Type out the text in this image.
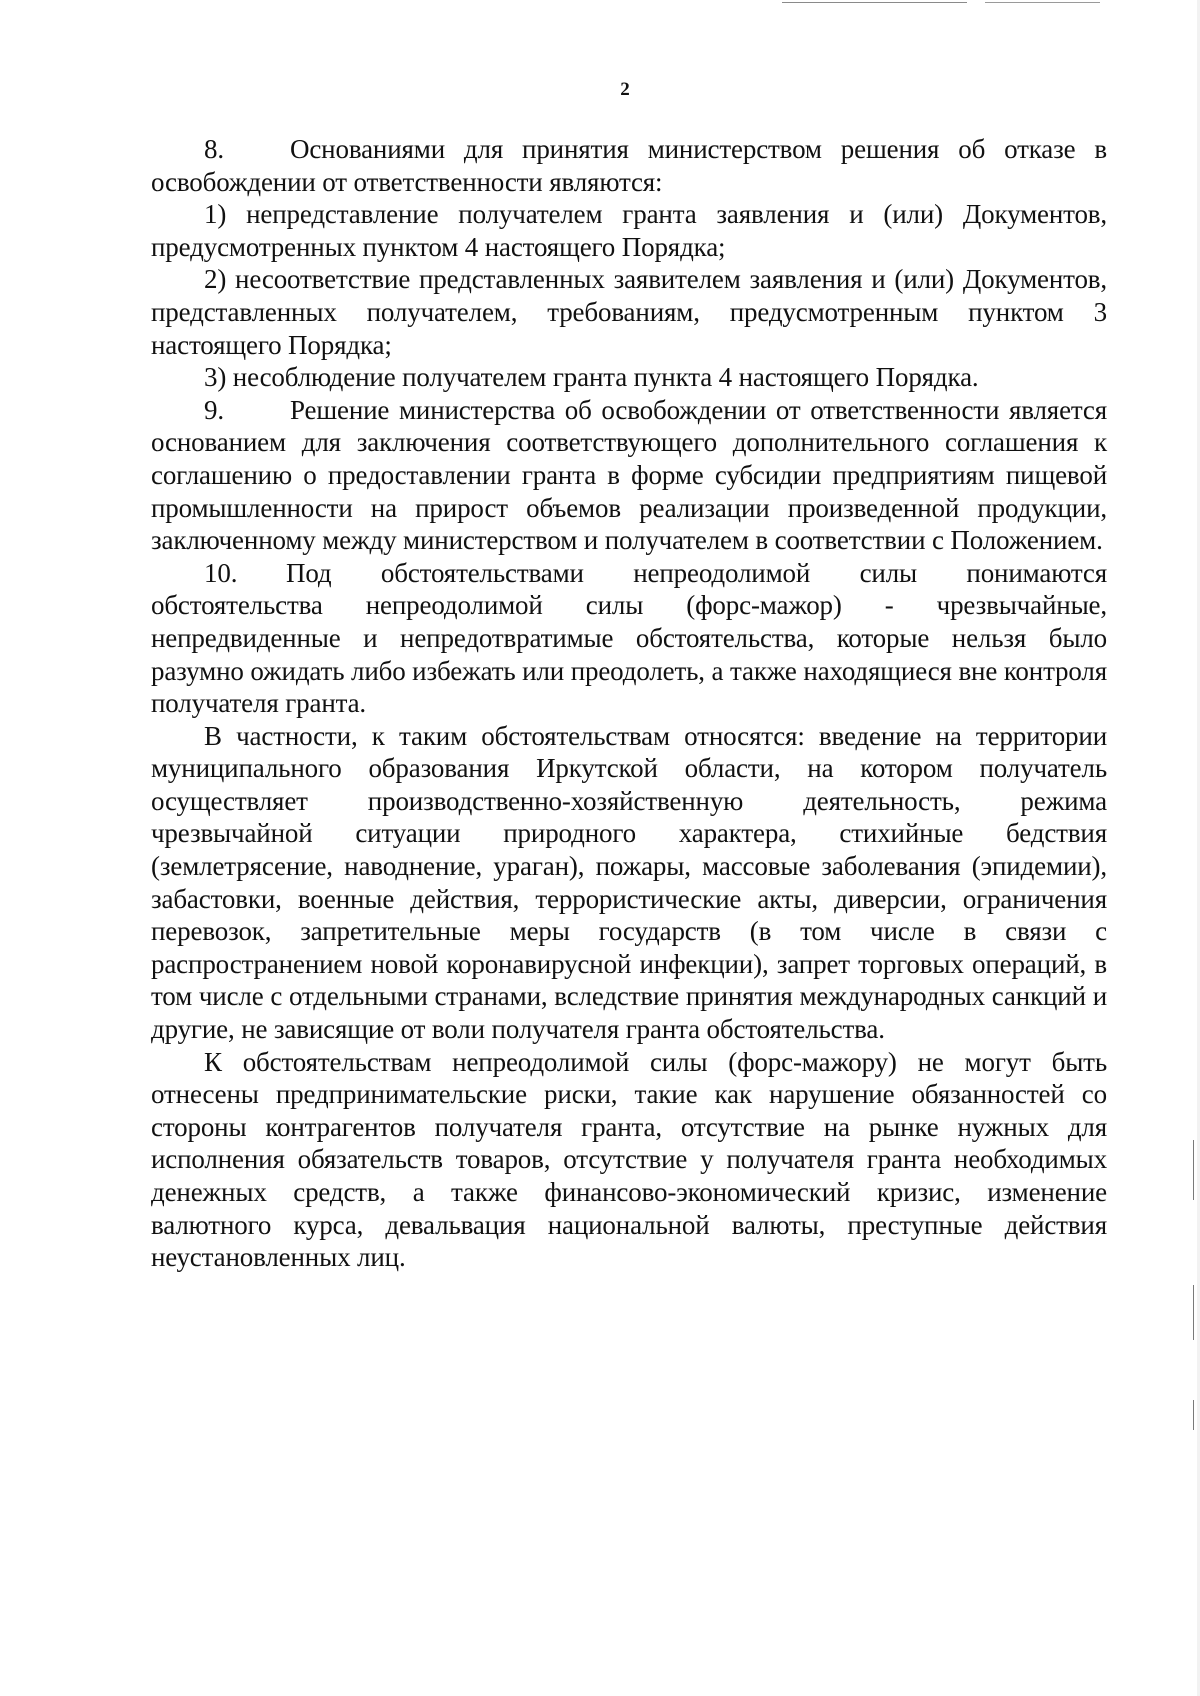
2

8. Основаниями для принятия министерством решения об отказе в освобождении от ответственности являются:

1) непредставление получателем гранта заявления и (или) Документов, предусмотренных пунктом 4 настоящего Порядка;

2) несоответствие представленных заявителем заявления и (или) Документов, представленных получателем, требованиям, предусмотренным пунктом 3 настоящего Порядка;

3) несоблюдение получателем гранта пункта 4 настоящего Порядка.

9. Решение министерства об освобождении от ответственности является основанием для заключения соответствующего дополнительного соглашения к соглашению о предоставлении гранта в форме субсидии предприятиям пищевой промышленности на прирост объемов реализации произведенной продукции, заключенному между министерством и получателем в соответствии с Положением.

10. Под обстоятельствами непреодолимой силы понимаются обстоятельства непреодолимой силы (форс-мажор) - чрезвычайные, непредвиденные и непредотвратимые обстоятельства, которые нельзя было разумно ожидать либо избежать или преодолеть, а также находящиеся вне контроля получателя гранта.

В частности, к таким обстоятельствам относятся: введение на территории муниципального образования Иркутской области, на котором получатель осуществляет производственно-хозяйственную деятельность, режима чрезвычайной ситуации природного характера, стихийные бедствия (землетрясение, наводнение, ураган), пожары, массовые заболевания (эпидемии), забастовки, военные действия, террористические акты, диверсии, ограничения перевозок, запретительные меры государств (в том числе в связи с распространением новой коронавирусной инфекции), запрет торговых операций, в том числе с отдельными странами, вследствие принятия международных санкций и другие, не зависящие от воли получателя гранта обстоятельства.

К обстоятельствам непреодолимой силы (форс-мажору) не могут быть отнесены предпринимательские риски, такие как нарушение обязанностей со стороны контрагентов получателя гранта, отсутствие на рынке нужных для исполнения обязательств товаров, отсутствие у получателя гранта необходимых денежных средств, а также финансово-экономический кризис, изменение валютного курса, девальвация национальной валюты, преступные действия неустановленных лиц.
